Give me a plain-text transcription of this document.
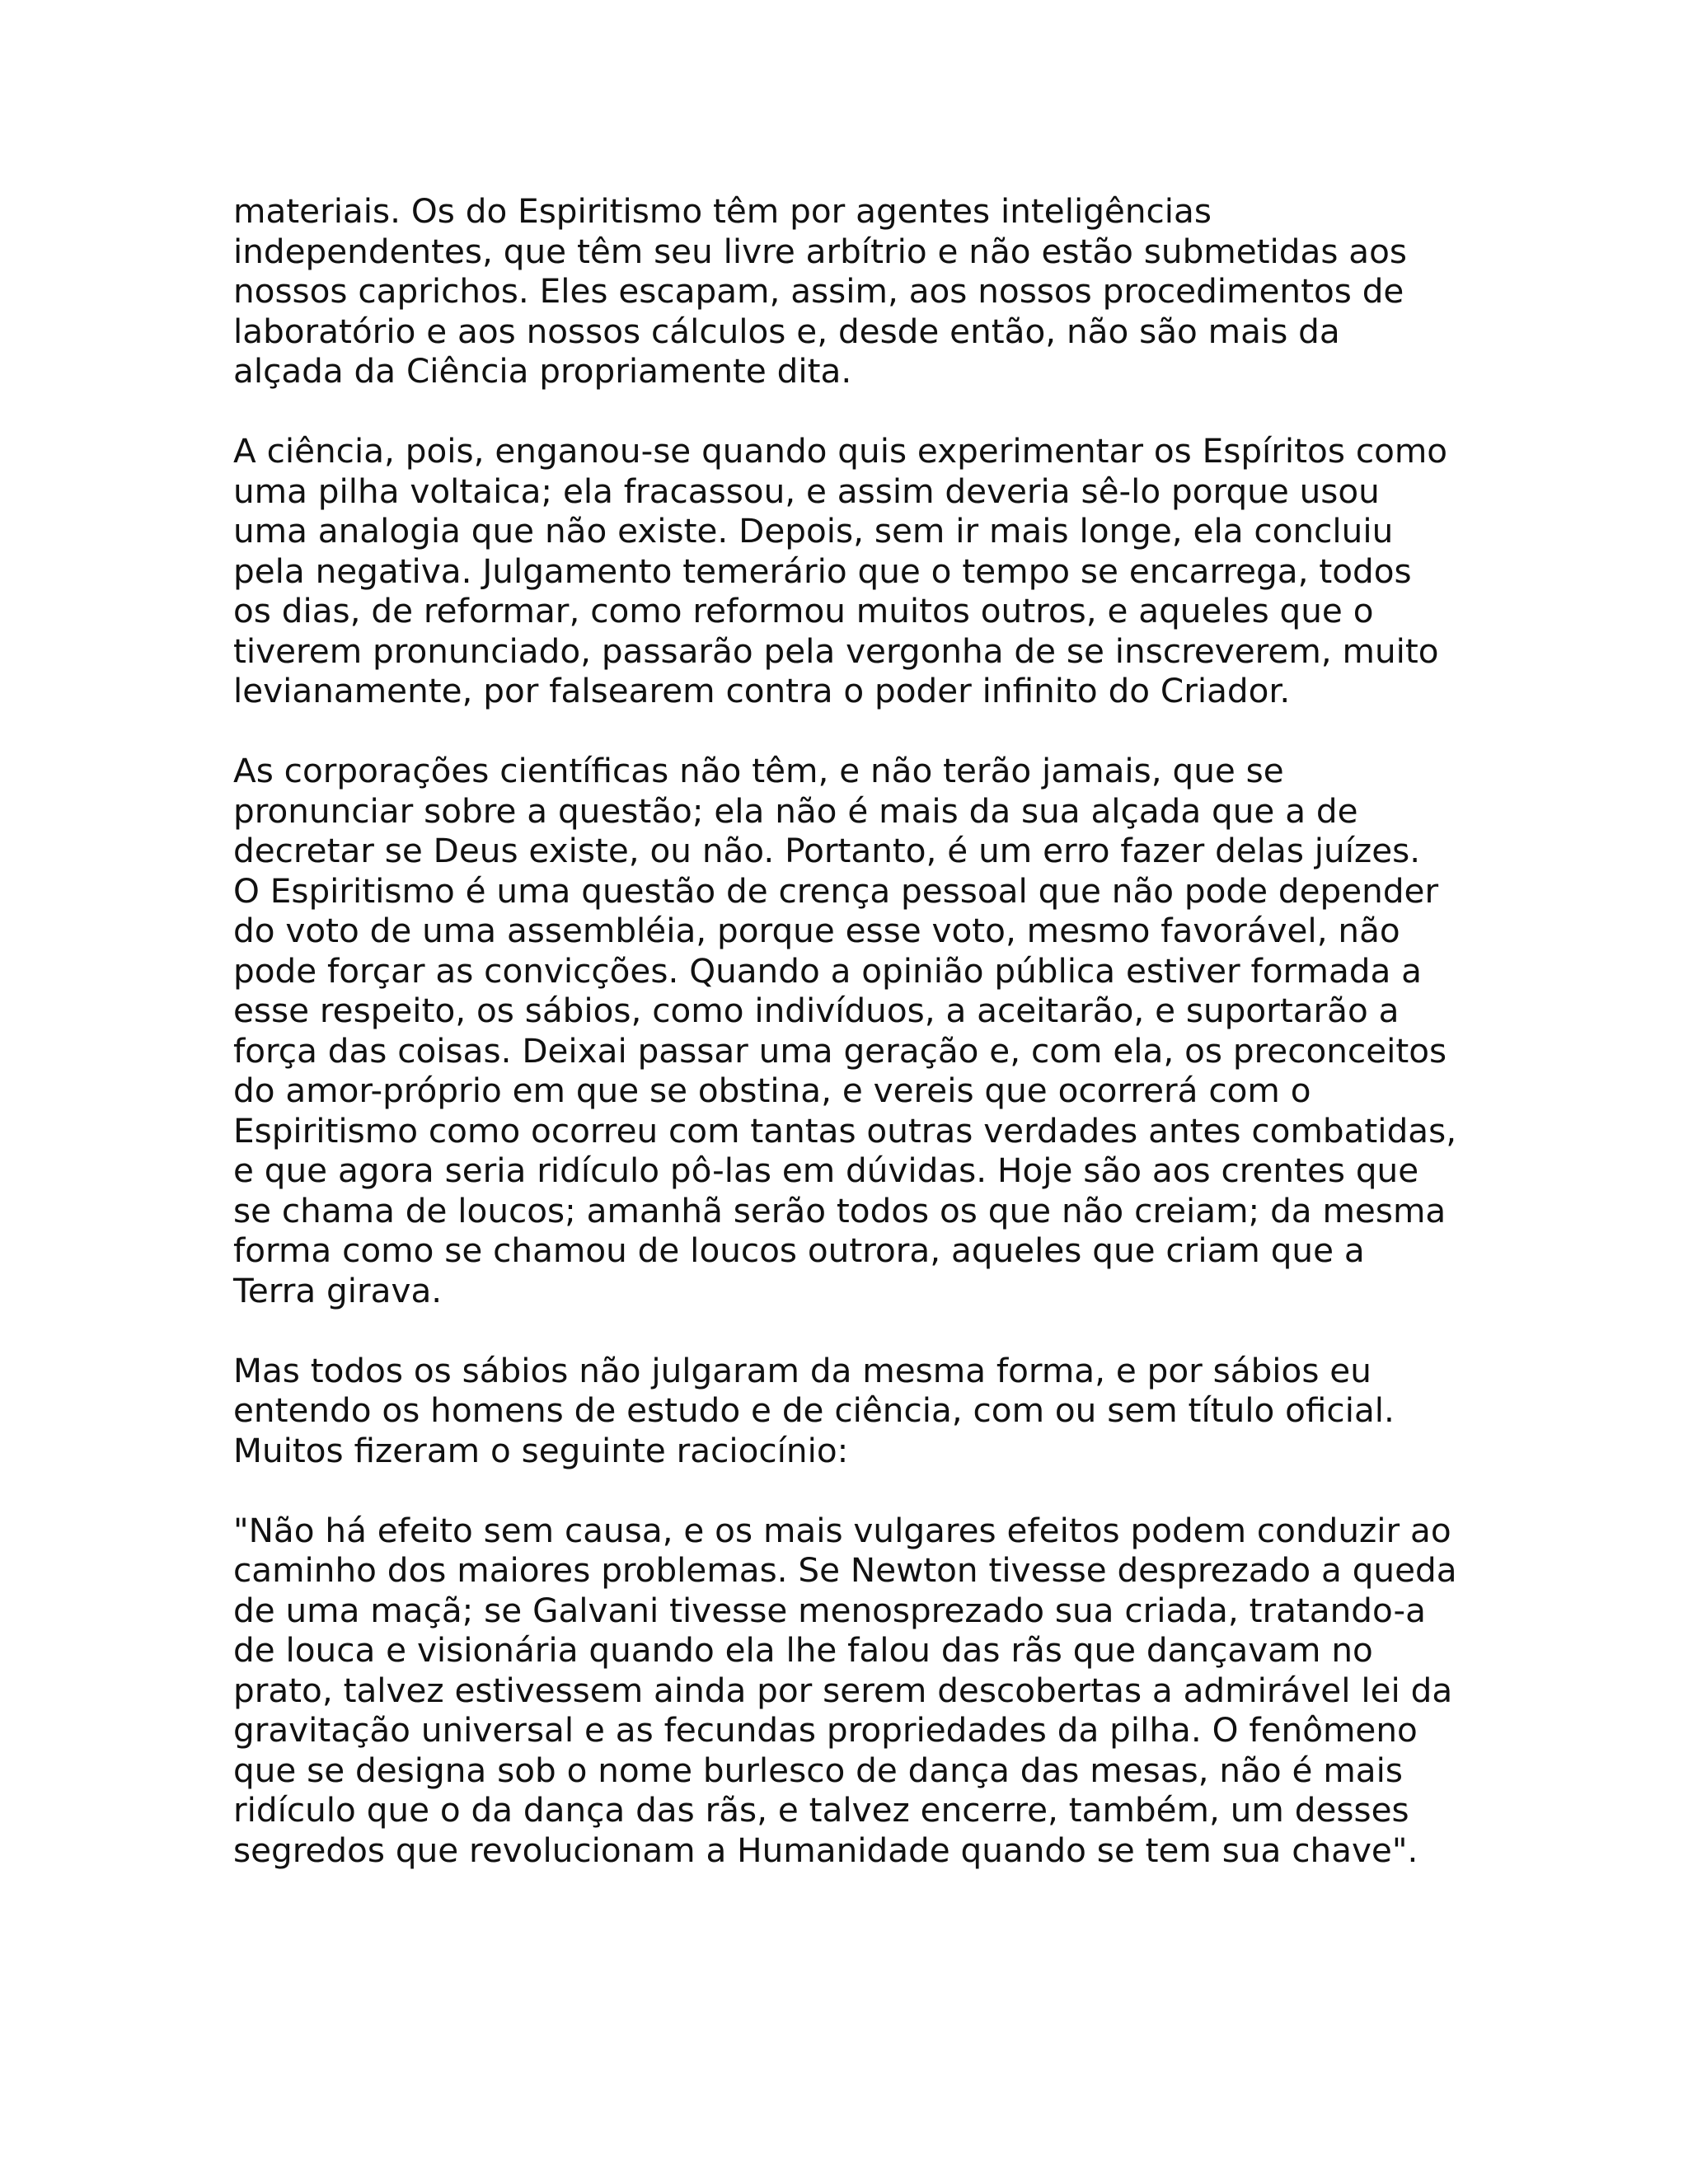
materiais. Os do Espiritismo têm por agentes inteligências
independentes, que têm seu livre arbítrio e não estão submetidas aos
nossos caprichos. Eles escapam, assim, aos nossos procedimentos de
laboratório e aos nossos cálculos e, desde então, não são mais da
alçada da Ciência propriamente dita.

A ciência, pois, enganou-se quando quis experimentar os Espíritos como
uma pilha voltaica; ela fracassou, e assim deveria sê-lo porque usou
uma analogia que não existe. Depois, sem ir mais longe, ela concluiu
pela negativa. Julgamento temerário que o tempo se encarrega, todos
os dias, de reformar, como reformou muitos outros, e aqueles que o
tiverem pronunciado, passarão pela vergonha de se inscreverem, muito
levianamente, por falsearem contra o poder infinito do Criador.

As corporações científicas não têm, e não terão jamais, que se
pronunciar sobre a questão; ela não é mais da sua alçada que a de
decretar se Deus existe, ou não. Portanto, é um erro fazer delas juízes.
O Espiritismo é uma questão de crença pessoal que não pode depender
do voto de uma assembléia, porque esse voto, mesmo favorável, não
pode forçar as convicções. Quando a opinião pública estiver formada a
esse respeito, os sábios, como indivíduos, a aceitarão, e suportarão a
força das coisas. Deixai passar uma geração e, com ela, os preconceitos
do amor-próprio em que se obstina, e vereis que ocorrerá com o
Espiritismo como ocorreu com tantas outras verdades antes combatidas,
e que agora seria ridículo pô-las em dúvidas. Hoje são aos crentes que
se chama de loucos; amanhã serão todos os que não creiam; da mesma
forma como se chamou de loucos outrora, aqueles que criam que a
Terra girava.

Mas todos os sábios não julgaram da mesma forma, e por sábios eu
entendo os homens de estudo e de ciência, com ou sem título oficial.
Muitos fizeram o seguinte raciocínio:

"Não há efeito sem causa, e os mais vulgares efeitos podem conduzir ao
caminho dos maiores problemas. Se Newton tivesse desprezado a queda
de uma maçã; se Galvani tivesse menosprezado sua criada, tratando-a
de louca e visionária quando ela lhe falou das rãs que dançavam no
prato, talvez estivessem ainda por serem descobertas a admirável lei da
gravitação universal e as fecundas propriedades da pilha. O fenômeno
que se designa sob o nome burlesco de dança das mesas, não é mais
ridículo que o da dança das rãs, e talvez encerre, também, um desses
segredos que revolucionam a Humanidade quando se tem sua chave".
